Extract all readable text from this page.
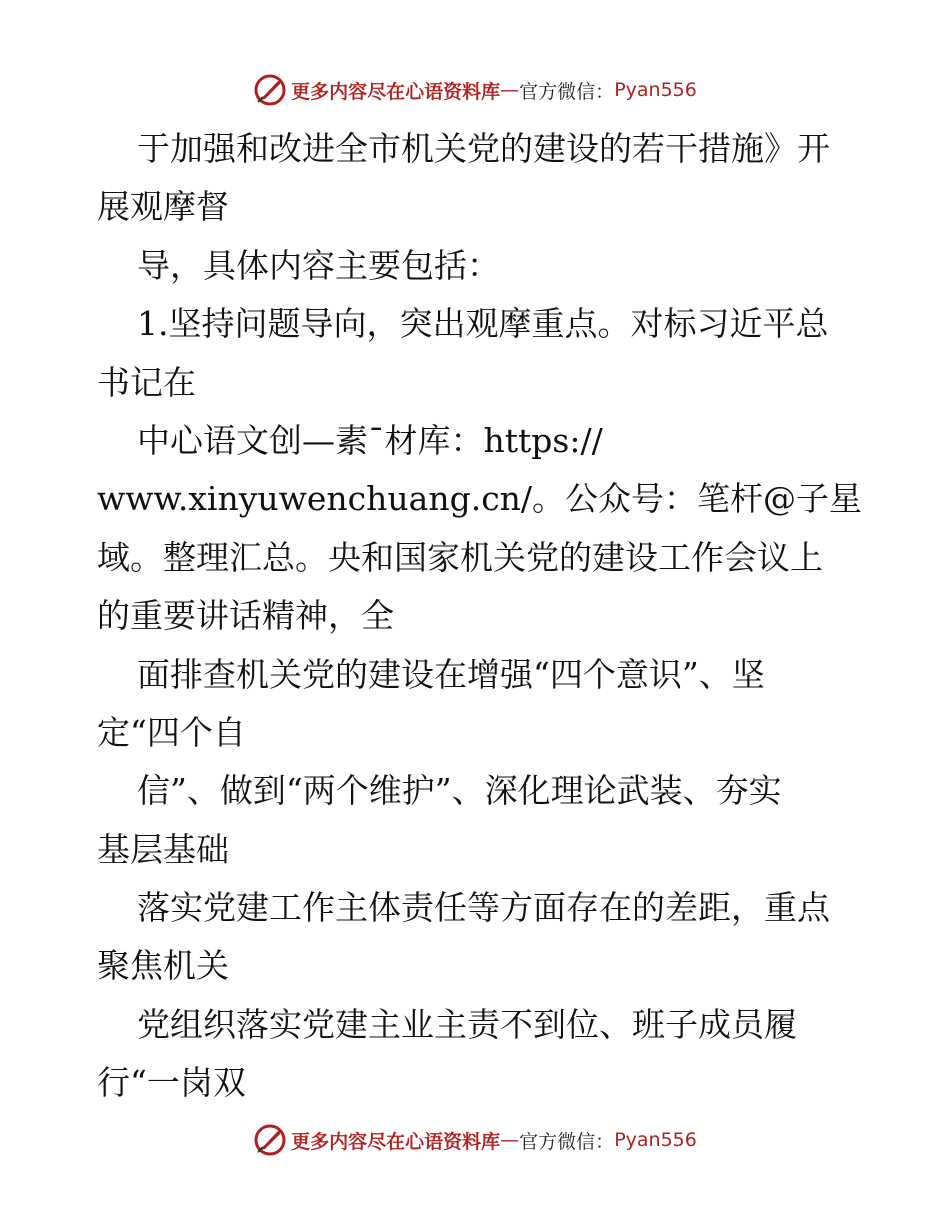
更多内容尽在心语资料库 — 官方微信： Pyan556
于加强和改进全市机关党的建设的若干措施》开
展观摩督
导，具体内容主要包括：
1.坚持问题导向，突出观摩重点。对标习近平总
书记在
中心语文创—素¯材库：https://
www.xinyuwenchuang.cn/。公众号：笔杆@子星
域。整理汇总。央和国家机关党的建设工作会议上
的重要讲话精神，全
面排查机关党的建设在增强“四个意识”、坚
定“四个自
信”、做到“两个维护”、深化理论武装、夯实
基层基础
落实党建工作主体责任等方面存在的差距，重点
聚焦机关
党组织落实党建主业主责不到位、班子成员履
行“一岗双
更多内容尽在心语资料库 — 官方微信： Pyan556
